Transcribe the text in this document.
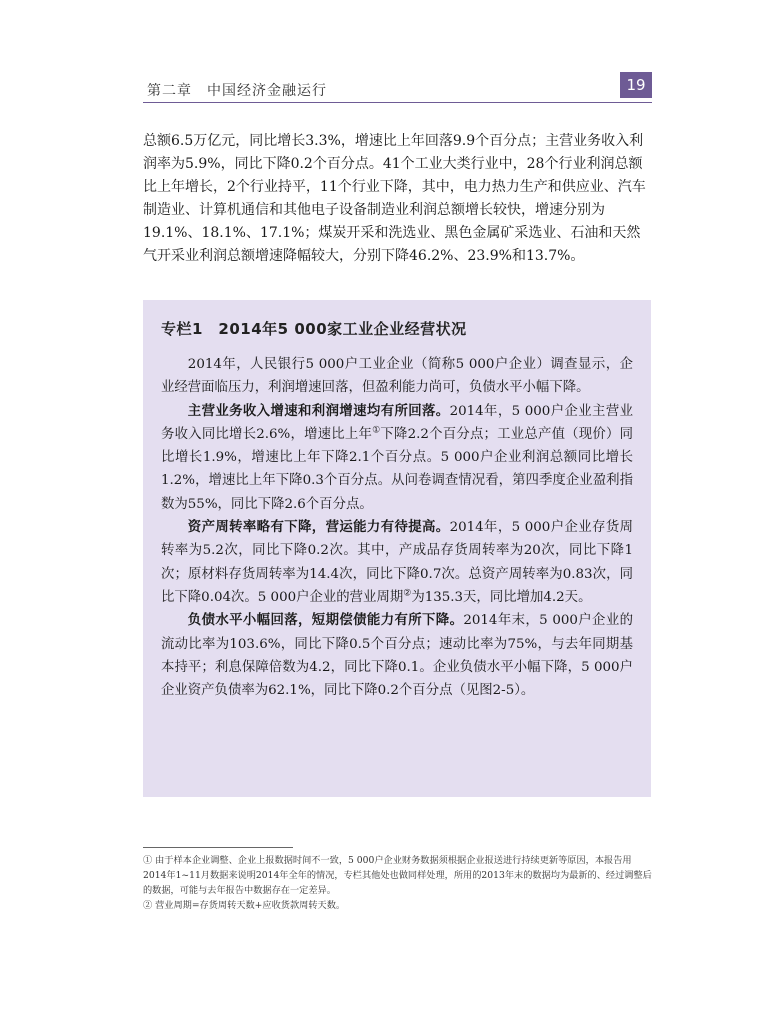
第二章　中国经济金融运行	19

总额6.5万亿元，同比增长3.3%，增速比上年回落9.9个百分点；主营业务收入利润率为5.9%，同比下降0.2个百分点。41个工业大类行业中，28个行业利润总额比上年增长，2个行业持平，11个行业下降，其中，电力热力生产和供应业、汽车制造业、计算机通信和其他电子设备制造业利润总额增长较快，增速分别为19.1%、18.1%、17.1%；煤炭开采和洗选业、黑色金属矿采选业、石油和天然气开采业利润总额增速降幅较大，分别下降46.2%、23.9%和13.7%。

专栏1　2014年5 000家工业企业经营状况

2014年，人民银行5 000户工业企业（简称5 000户企业）调查显示，企业经营面临压力，利润增速回落，但盈利能力尚可，负债水平小幅下降。

主营业务收入增速和利润增速均有所回落。2014年，5 000户企业主营业务收入同比增长2.6%，增速比上年①下降2.2个百分点；工业总产值（现价）同比增长1.9%，增速比上年下降2.1个百分点。5 000户企业利润总额同比增长1.2%，增速比上年下降0.3个百分点。从问卷调查情况看，第四季度企业盈利指数为55%，同比下降2.6个百分点。

资产周转率略有下降，营运能力有待提高。2014年，5 000户企业存货周转率为5.2次，同比下降0.2次。其中，产成品存货周转率为20次，同比下降1次；原材料存货周转率为14.4次，同比下降0.7次。总资产周转率为0.83次，同比下降0.04次。5 000户企业的营业周期②为135.3天，同比增加4.2天。

负债水平小幅回落，短期偿债能力有所下降。2014年末，5 000户企业的流动比率为103.6%，同比下降0.5个百分点；速动比率为75%，与去年同期基本持平；利息保障倍数为4.2，同比下降0.1。企业负债水平小幅下降，5 000户企业资产负债率为62.1%，同比下降0.2个百分点（见图2-5）。

① 由于样本企业调整、企业上报数据时间不一致，5 000户企业财务数据须根据企业报送进行持续更新等原因，本报告用2014年1~11月数据来说明2014年全年的情况，专栏其他处也做同样处理，所用的2013年末的数据均为最新的、经过调整后的数据，可能与去年报告中数据存在一定差异。

② 营业周期=存货周转天数+应收货款周转天数。
